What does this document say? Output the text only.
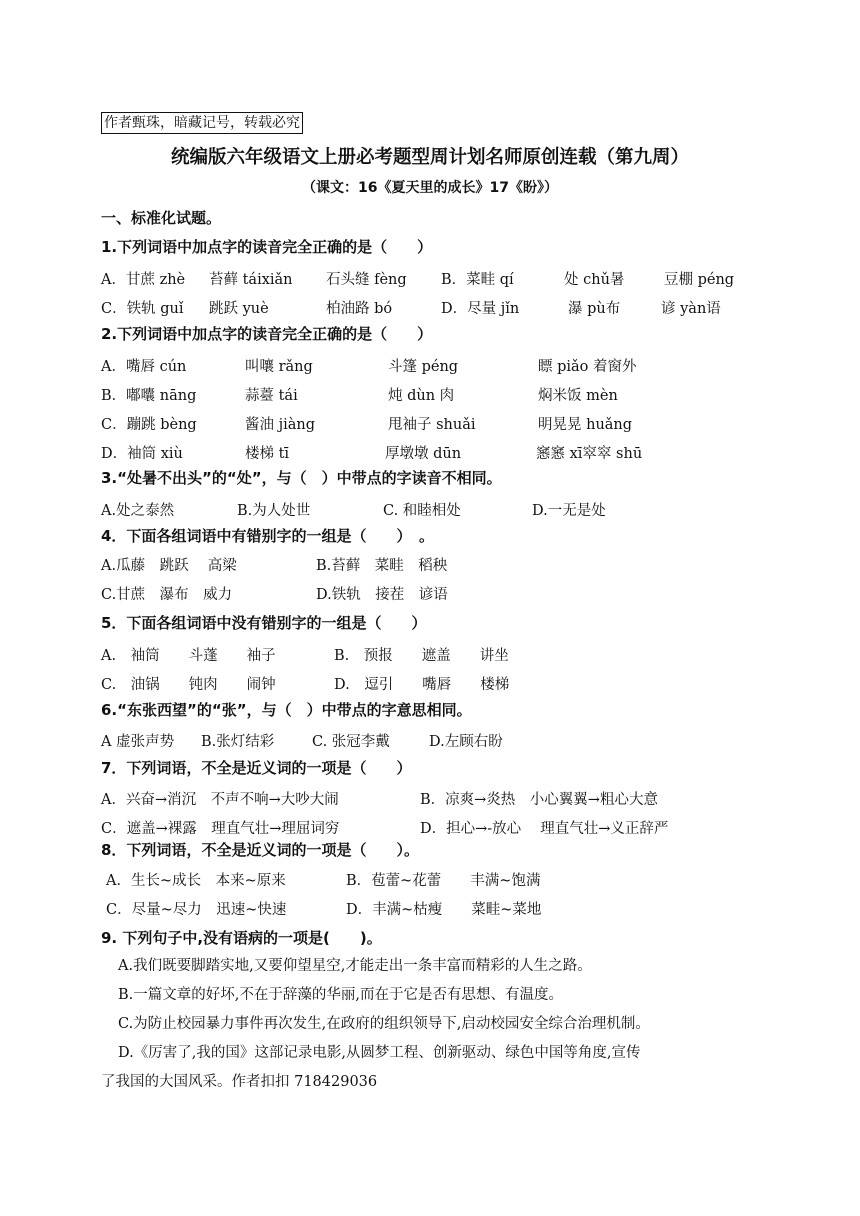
作者甄珠，暗藏记号，转载必究
统编版六年级语文上册必考题型周计划名师原创连载（第九周）
（课文：16《夏天里的成长》17《盼》）
一、标准化试题。
1.下列词语中加点字的读音完全正确的是（　　）
A．甘蔗 zhè 苔藓 táixiǎn 石头缝 fèng B．菜畦 qí	处 chǔ暑	豆棚 péng
C．铁轨 guǐ 跳跃 yuè	柏油路 bó	D．尽量 jǐn	瀑 pù布	谚 yàn语
2.下列词语中加点字的读音完全正确的是（　　）
A．嘴唇 cún	叫嚷 rǎng	斗篷 péng	瞟 piǎo 着窗外
B．嘟囔 nāng	蒜薹 tái	炖 dùn 肉	焖米饭 mèn
C．蹦跳 bèng	酱油 jiàng	甩袖子 shuǎi	明晃晃 huǎng
D．袖筒 xiù	楼梯 tī	厚墩墩 dūn	窸窸 xī窣窣 shū
3.“处暑不出头”的“处”，与（　）中带点的字读音不相同。
A.处之泰然	B.为人处世	C. 和睦相处	D.一无是处
4．下面各组词语中有错别字的一组是（　　）　。
A.瓜藤　跳跃　 高梁	B.苔藓　菜畦　稻秧
C.甘蔗　瀑布　威力	D.铁轨　接茬　谚语
5．下面各组词语中没有错别字的一组是（　　）
A.　袖筒　　斗蓬　　袖子	B.　预报　　遮盖　　讲坐
C.　油锅　　钝肉　　闹钟	D.　逗引　　嘴唇　　楼梯
6.“东张西望”的“张”，与（　）中带点的字意思相同。
A 虚张声势 B.张灯结彩	C. 张冠李戴	D.左顾右盼
7．下列词语，不全是近义词的一项是（　　）
A．兴奋→消沉　不声不响→大吵大闹	B．凉爽→炎热　小心翼翼→粗心大意
C．遮盖→裸露　理直气壮→理屈词穷	D．担心→-放心　 理直气壮→义正辞严
8．下列词语，不全是近义词的一项是（　　）。
A．生长~成长　本来~原来	B．苞蕾~花蕾　　丰满~饱满
C．尽量~尽力　迅速~快速	D．丰满~枯瘦　　菜畦~菜地
9. 下列句子中,没有语病的一项是(　　)。
A.我们既要脚踏实地,又要仰望星空,才能走出一条丰富而精彩的人生之路。
B.一篇文章的好坏,不在于辞藻的华丽,而在于它是否有思想、有温度。
C.为防止校园暴力事件再次发生,在政府的组织领导下,启动校园安全综合治理机制。
D.《厉害了,我的国》这部记录电影,从圆梦工程、创新驱动、绿色中国等角度,宣传
了我国的大国风采。作者扣扣 718429036
